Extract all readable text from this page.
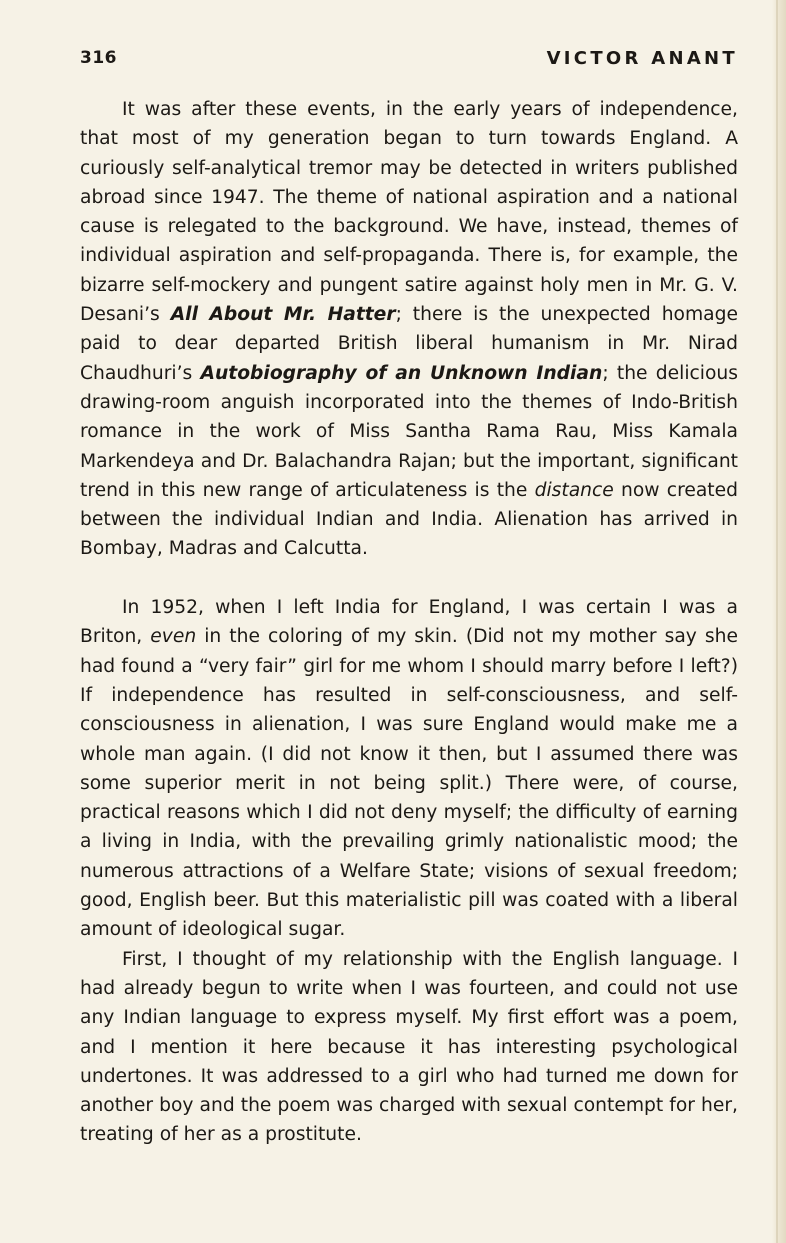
316	VICTOR ANANT

It was after these events, in the early years of independence, that most of my generation began to turn towards England. A curiously self-analytical tremor may be detected in writers published abroad since 1947. The theme of national aspiration and a national cause is relegated to the background. We have, instead, themes of individual aspiration and self-propaganda. There is, for example, the bizarre self-mockery and pungent satire against holy men in Mr. G. V. Desani’s All About Mr. Hatter; there is the unexpected homage paid to dear departed British liberal humanism in Mr. Nirad Chaudhuri’s Autobiography of an Unknown Indian; the delicious drawing-room anguish incorporated into the themes of Indo-British romance in the work of Miss Santha Rama Rau, Miss Kamala Markendeya and Dr. Balachandra Rajan; but the important, significant trend in this new range of articulateness is the distance now created between the individual Indian and India. Alienation has arrived in Bombay, Madras and Calcutta.

In 1952, when I left India for England, I was certain I was a Briton, even in the coloring of my skin. (Did not my mother say she had found a “very fair” girl for me whom I should marry before I left?) If independence has resulted in self-consciousness, and self-consciousness in alienation, I was sure England would make me a whole man again. (I did not know it then, but I assumed there was some superior merit in not being split.) There were, of course, practical reasons which I did not deny myself; the difficulty of earning a living in India, with the prevailing grimly nationalistic mood; the numerous attractions of a Welfare State; visions of sexual freedom; good, English beer. But this materialistic pill was coated with a liberal amount of ideological sugar.

First, I thought of my relationship with the English language. I had already begun to write when I was fourteen, and could not use any Indian language to express myself. My first effort was a poem, and I mention it here because it has interesting psychological undertones. It was addressed to a girl who had turned me down for another boy and the poem was charged with sexual contempt for her, treating of her as a prostitute.
